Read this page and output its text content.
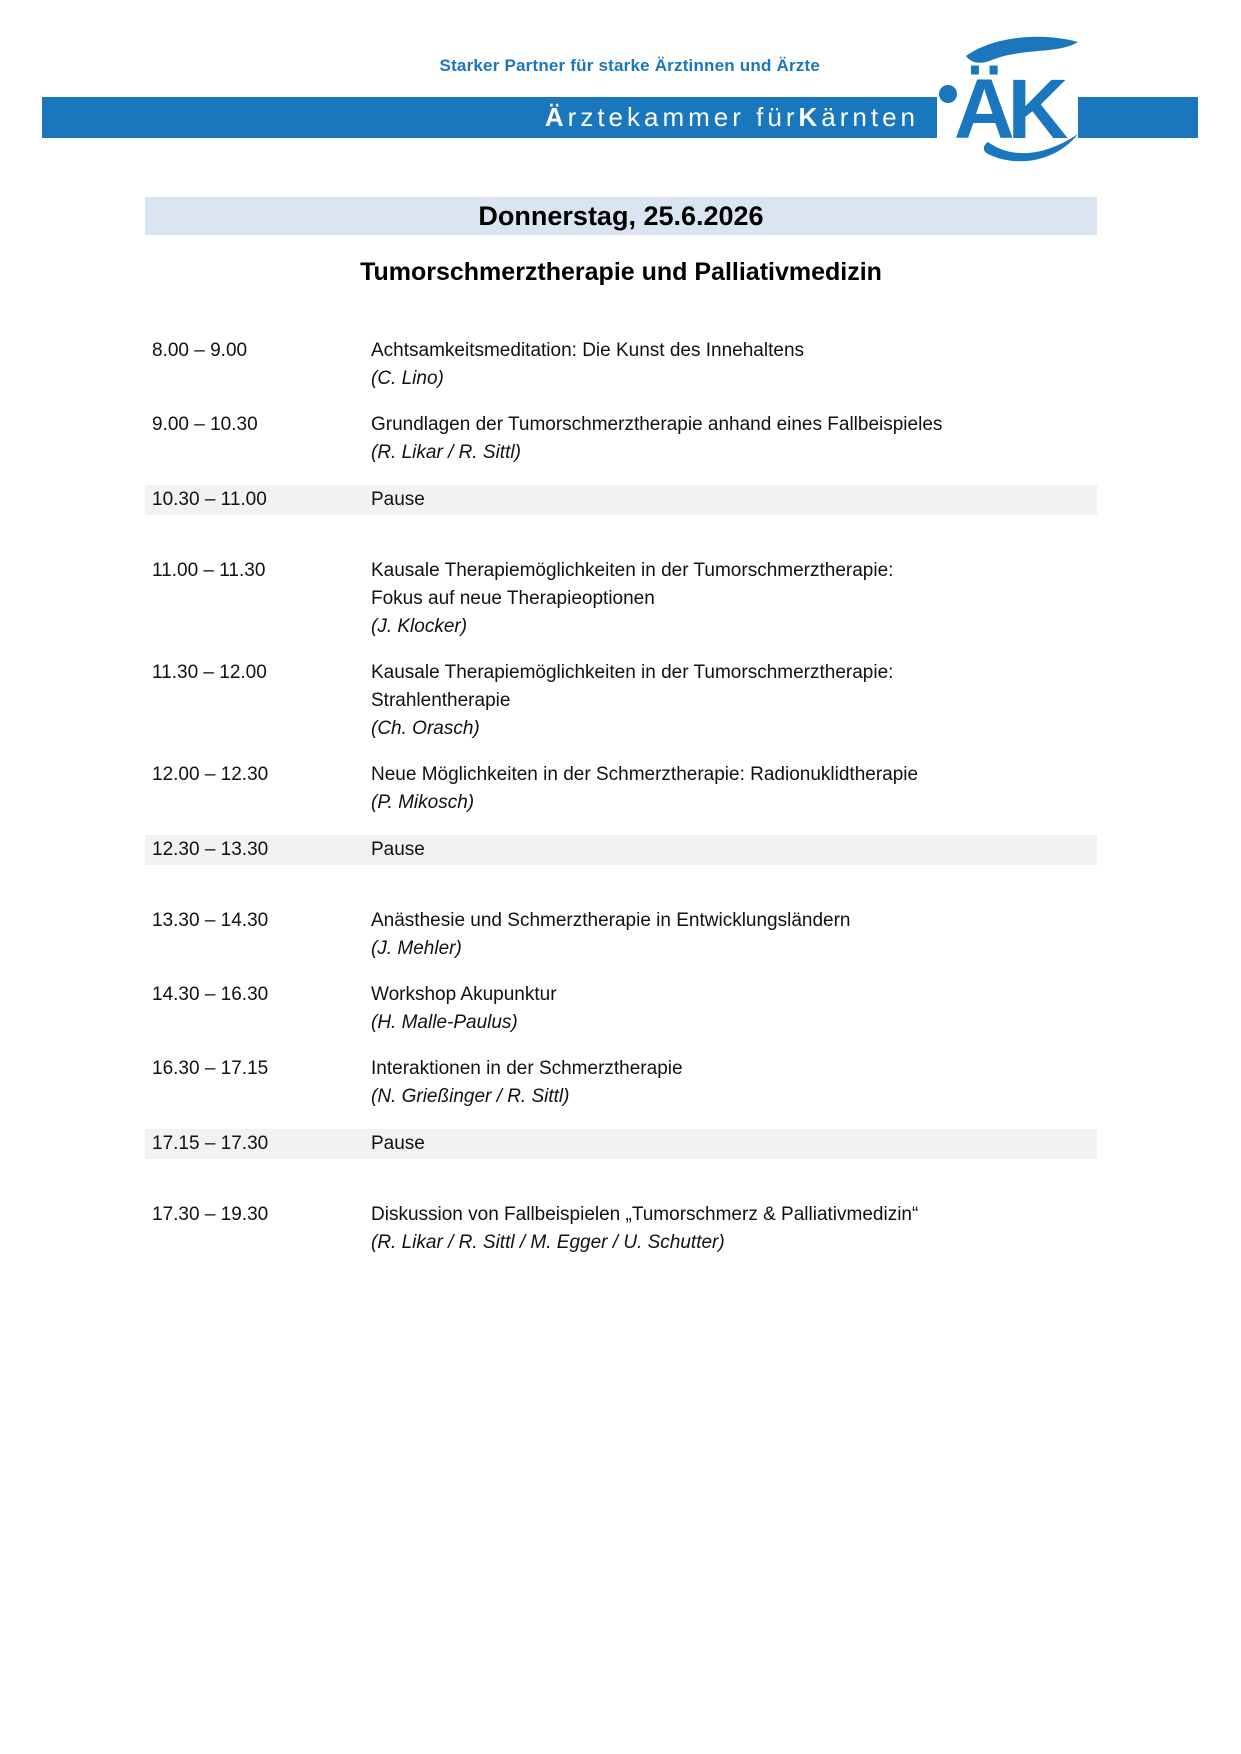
Starker Partner für starke Ärztinnen und Ärzte
Ä rztekammer für K ärnten ÄK
Donnerstag, 25.6.2026
Tumorschmerztherapie und Palliativmedizin
8.00 – 9.00	Achtsamkeitsmeditation: Die Kunst des Innehaltens
(C. Lino)
9.00 – 10.30	Grundlagen der Tumorschmerztherapie anhand eines Fallbeispieles
(R. Likar / R. Sittl)
10.30 – 11.00	Pause
11.00 – 11.30	Kausale Therapiemöglichkeiten in der Tumorschmerztherapie:
Fokus auf neue Therapieoptionen
(J. Klocker)
11.30 – 12.00	Kausale Therapiemöglichkeiten in der Tumorschmerztherapie:
Strahlentherapie
(Ch. Orasch)
12.00 – 12.30	Neue Möglichkeiten in der Schmerztherapie: Radionuklidtherapie
(P. Mikosch)
12.30 – 13.30	Pause
13.30 – 14.30	Anästhesie und Schmerztherapie in Entwicklungsländern
(J. Mehler)
14.30 – 16.30	Workshop Akupunktur
(H. Malle-Paulus)
16.30 – 17.15	Interaktionen in der Schmerztherapie
(N. Grießinger / R. Sittl)
17.15 – 17.30	Pause
17.30 – 19.30	Diskussion von Fallbeispielen „Tumorschmerz & Palliativmedizin“
(R. Likar / R. Sittl / M. Egger / U. Schutter)
